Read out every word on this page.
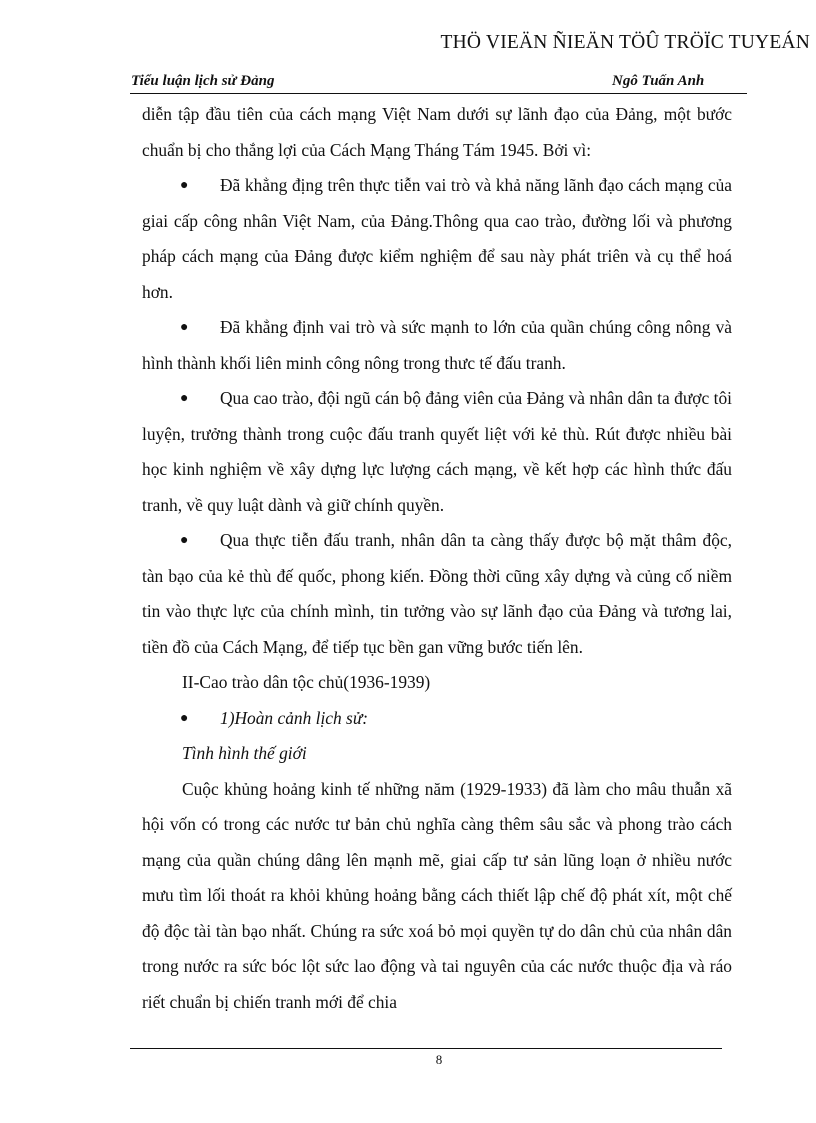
THÖ VIEÄN ÑIEÄN TÖÛ TRÖÏC TUYEÁN
Tiểu luận lịch sử Đảng	Ngô Tuấn Anh

diễn tập đầu tiên của cách mạng Việt Nam dưới sự lãnh đạo của Đảng, một bước chuẩn bị cho thắng lợi của Cách Mạng Tháng Tám 1945. Bởi vì:

● Đã khẳng địng trên thực tiễn vai trò và khả năng lãnh đạo cách mạng của giai cấp công nhân Việt Nam, của Đảng.Thông qua cao trào, đường lối và phương pháp cách mạng của Đảng được kiểm nghiệm để sau này phát triên và cụ thể hoá hơn.

● Đã khẳng định vai trò và sức mạnh to lớn của quần chúng công nông và hình thành khối liên minh công nông trong thưc tế đấu tranh.

● Qua cao trào, đội ngũ cán bộ đảng viên của Đảng và nhân dân ta được tôi luyện, trưởng thành trong cuộc đấu tranh quyết liệt với kẻ thù. Rút được nhiều bài học kinh nghiệm về xây dựng lực lượng cách mạng, về kết hợp các hình thức đấu tranh, về quy luật dành và giữ chính quyền.

● Qua thực tiễn đấu tranh, nhân dân ta càng thấy được bộ mặt thâm độc, tàn bạo của kẻ thù đế quốc, phong kiến. Đồng thời cũng xây dựng và củng cố niềm tin vào thực lực của chính mình, tin tưởng vào sự lãnh đạo của Đảng và tương lai, tiền đồ của Cách Mạng, để tiếp tục bền gan vững bước tiến lên.

II-Cao trào dân tộc chủ(1936-1939)

● 1)Hoàn cảnh lịch sử:

Tình hình thế giới

Cuộc khủng hoảng kinh tế những năm (1929-1933) đã làm cho mâu thuẫn xã hội vốn có trong các nước tư bản chủ nghĩa càng thêm sâu sắc và phong trào cách mạng của quần chúng dâng lên mạnh mẽ, giai cấp tư sản lũng loạn ở nhiều nước mưu tìm lối thoát ra khỏi khủng hoảng bằng cách thiết lập chế độ phát xít, một chế độ độc tài tàn bạo nhất. Chúng ra sức xoá bỏ mọi quyền tự do dân chủ của nhân dân trong nước ra sức bóc lột sức lao động và tai nguyên của các nước thuộc địa và ráo riết chuẩn bị chiến tranh mới để chia

8
